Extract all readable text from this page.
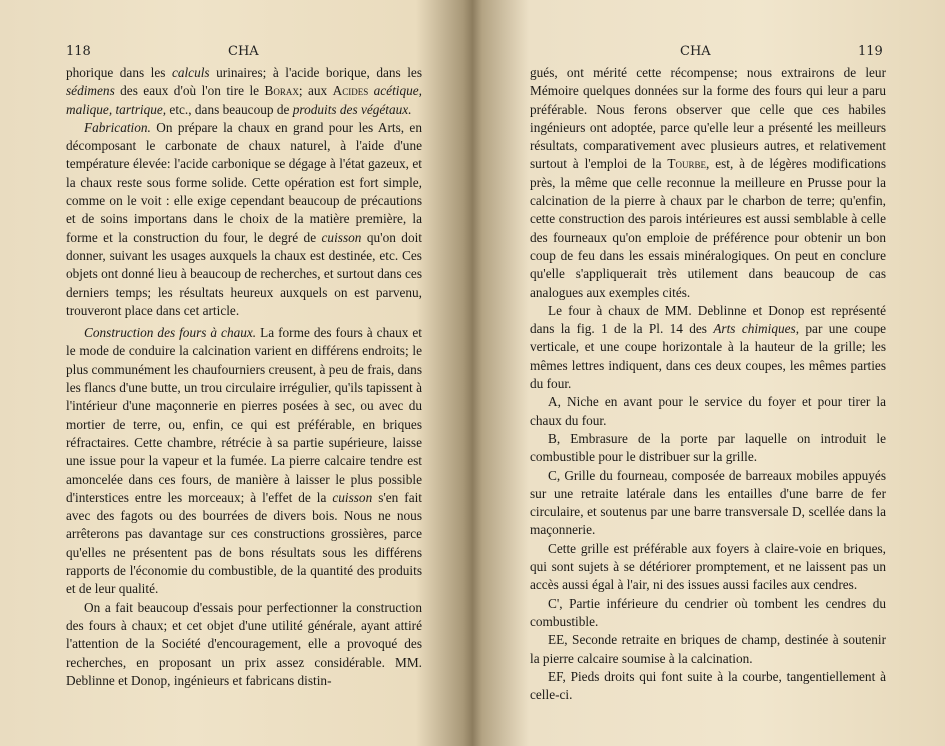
118	CHA

phorique dans les calculs urinaires; à l'acide borique, dans les sédimens des eaux d'où l'on tire le Borax; aux Acides acétique, malique, tartrique, etc., dans beaucoup de produits des végétaux.

Fabrication. On prépare la chaux en grand pour les Arts, en décomposant le carbonate de chaux naturel, à l'aide d'une température élevée: l'acide carbonique se dégage à l'état gazeux, et la chaux reste sous forme solide. Cette opération est fort simple, comme on le voit : elle exige cependant beaucoup de précautions et de soins importans dans le choix de la matière première, la forme et la construction du four, le degré de cuisson qu'on doit donner, suivant les usages auxquels la chaux est destinée, etc. Ces objets ont donné lieu à beaucoup de recherches, et surtout dans ces derniers temps; les résultats heureux auxquels on est parvenu, trouveront place dans cet article.

Construction des fours à chaux. La forme des fours à chaux et le mode de conduire la calcination varient en différens endroits; le plus communément les chaufourniers creusent, à peu de frais, dans les flancs d'une butte, un trou circulaire irrégulier, qu'ils tapissent à l'intérieur d'une maçonnerie en pierres posées à sec, ou avec du mortier de terre, ou, enfin, ce qui est préférable, en briques réfractaires. Cette chambre, rétrécie à sa partie supérieure, laisse une issue pour la vapeur et la fumée. La pierre calcaire tendre est amoncelée dans ces fours, de manière à laisser le plus possible d'interstices entre les morceaux; à l'effet de la cuisson s'en fait avec des fagots ou des bourrées de divers bois. Nous ne nous arrêterons pas davantage sur ces constructions grossières, parce qu'elles ne présentent pas de bons résultats sous les différens rapports de l'économie du combustible, de la quantité des produits et de leur qualité.

On a fait beaucoup d'essais pour perfectionner la construction des fours à chaux; et cet objet d'une utilité générale, ayant attiré l'attention de la Société d'encouragement, elle a provoqué des recherches, en proposant un prix assez considérable. MM. Deblinne et Donop, ingénieurs et fabricans distin-

CHA	119

gués, ont mérité cette récompense; nous extrairons de leur Mémoire quelques données sur la forme des fours qui leur a paru préférable. Nous ferons observer que celle que ces habiles ingénieurs ont adoptée, parce qu'elle leur a présenté les meilleurs résultats, comparativement avec plusieurs autres, et relativement surtout à l'emploi de la Tourbe, est, à de légères modifications près, la même que celle reconnue la meilleure en Prusse pour la calcination de la pierre à chaux par le charbon de terre; qu'enfin, cette construction des parois intérieures est aussi semblable à celle des fourneaux qu'on emploie de préférence pour obtenir un bon coup de feu dans les essais minéralogiques. On peut en conclure qu'elle s'appliquerait très utilement dans beaucoup de cas analogues aux exemples cités.

Le four à chaux de MM. Deblinne et Donop est représenté dans la fig. 1 de la Pl. 14 des Arts chimiques, par une coupe verticale, et une coupe horizontale à la hauteur de la grille; les mêmes lettres indiquent, dans ces deux coupes, les mêmes parties du four.

A, Niche en avant pour le service du foyer et pour tirer la chaux du four.

B, Embrasure de la porte par laquelle on introduit le combustible pour le distribuer sur la grille.

C, Grille du fourneau, composée de barreaux mobiles appuyés sur une retraite latérale dans les entailles d'une barre de fer circulaire, et soutenus par une barre transversale D, scellée dans la maçonnerie.

Cette grille est préférable aux foyers à claire-voie en briques, qui sont sujets à se détériorer promptement, et ne laissent pas un accès aussi égal à l'air, ni des issues aussi faciles aux cendres.

C', Partie inférieure du cendrier où tombent les cendres du combustible.

EE, Seconde retraite en briques de champ, destinée à soutenir la pierre calcaire soumise à la calcination.

EF, Pieds droits qui font suite à la courbe, tangentiellement à celle-ci.
